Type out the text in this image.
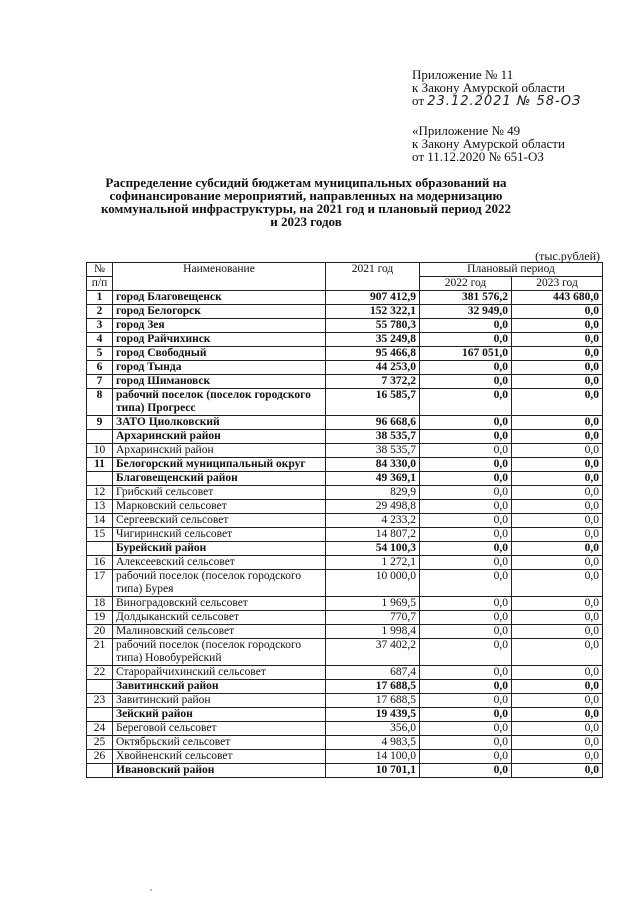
Приложение № 11
к Закону Амурской области
от 23.12.2021 № 58-ОЗ
«Приложение № 49
к Закону Амурской области
от 11.12.2020 № 651-ОЗ
Распределение субсидий бюджетам муниципальных образований на софинансирование мероприятий, направленных на модернизацию коммунальной инфраструктуры, на 2021 год и плановый период 2022 и 2023 годов
(тыс.рублей)
№	Наименование	2021 год	Плановый период	
п/п			2022 год	2023 год
1	город Благовещенск	907 412,9	381 576,2	443 680,0
2	город Белогорск	152 322,1	32 949,0	0,0
3	город Зея	55 780,3	0,0	0,0
4	город Райчихинск	35 249,8	0,0	0,0
5	город Свободный	95 466,8	167 051,0	0,0
6	город Тында	44 253,0	0,0	0,0
7	город Шимановск	7 372,2	0,0	0,0
8	рабочий поселок (поселок городского типа) Прогресс	16 585,7	0,0	0,0
9	ЗАТО Циолковский	96 668,6	0,0	0,0
	Архаринский район	38 535,7	0,0	0,0
10	Архаринский район	38 535,7	0,0	0,0
11	Белогорский муниципальный округ	84 330,0	0,0	0,0
	Благовещенский район	49 369,1	0,0	0,0
12	Грибский сельсовет	829,9	0,0	0,0
13	Марковский сельсовет	29 498,8	0,0	0,0
14	Сергеевский сельсовет	4 233,2	0,0	0,0
15	Чигиринский сельсовет	14 807,2	0,0	0,0
	Бурейский район	54 100,3	0,0	0,0
16	Алексеевский сельсовет	1 272,1	0,0	0,0
17	рабочий поселок (поселок городского типа) Бурея	10 000,0	0,0	0,0
18	Виноградовский сельсовет	1 969,5	0,0	0,0
19	Долдыканский сельсовет	770,7	0,0	0,0
20	Малиновский сельсовет	1 998,4	0,0	0,0
21	рабочий поселок (поселок городского типа) Новобурейский	37 402,2	0,0	0,0
22	Старорайчихинский сельсовет	687,4	0,0	0,0
	Завитинский район	17 688,5	0,0	0,0
23	Завитинский район	17 688,5	0,0	0,0
	Зейский район	19 439,5	0,0	0,0
24	Береговой сельсовет	356,0	0,0	0,0
25	Октябрьский сельсовет	4 983,5	0,0	0,0
26	Хвойненский сельсовет	14 100,0	0,0	0,0
	Ивановский район	10 701,1	0,0	0,0
